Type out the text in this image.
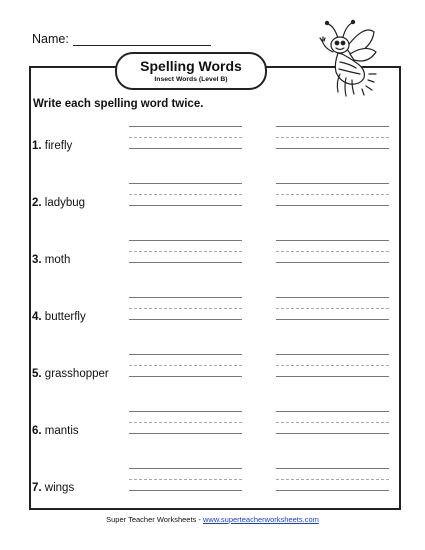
Name:
Spelling Words
Insect Words (Level B)
Write each spelling word twice.
1. firefly
2. ladybug
3. moth
4. butterfly
5. grasshopper
6. mantis
7. wings
Super Teacher Worksheets - www.superteacherworksheets.com
